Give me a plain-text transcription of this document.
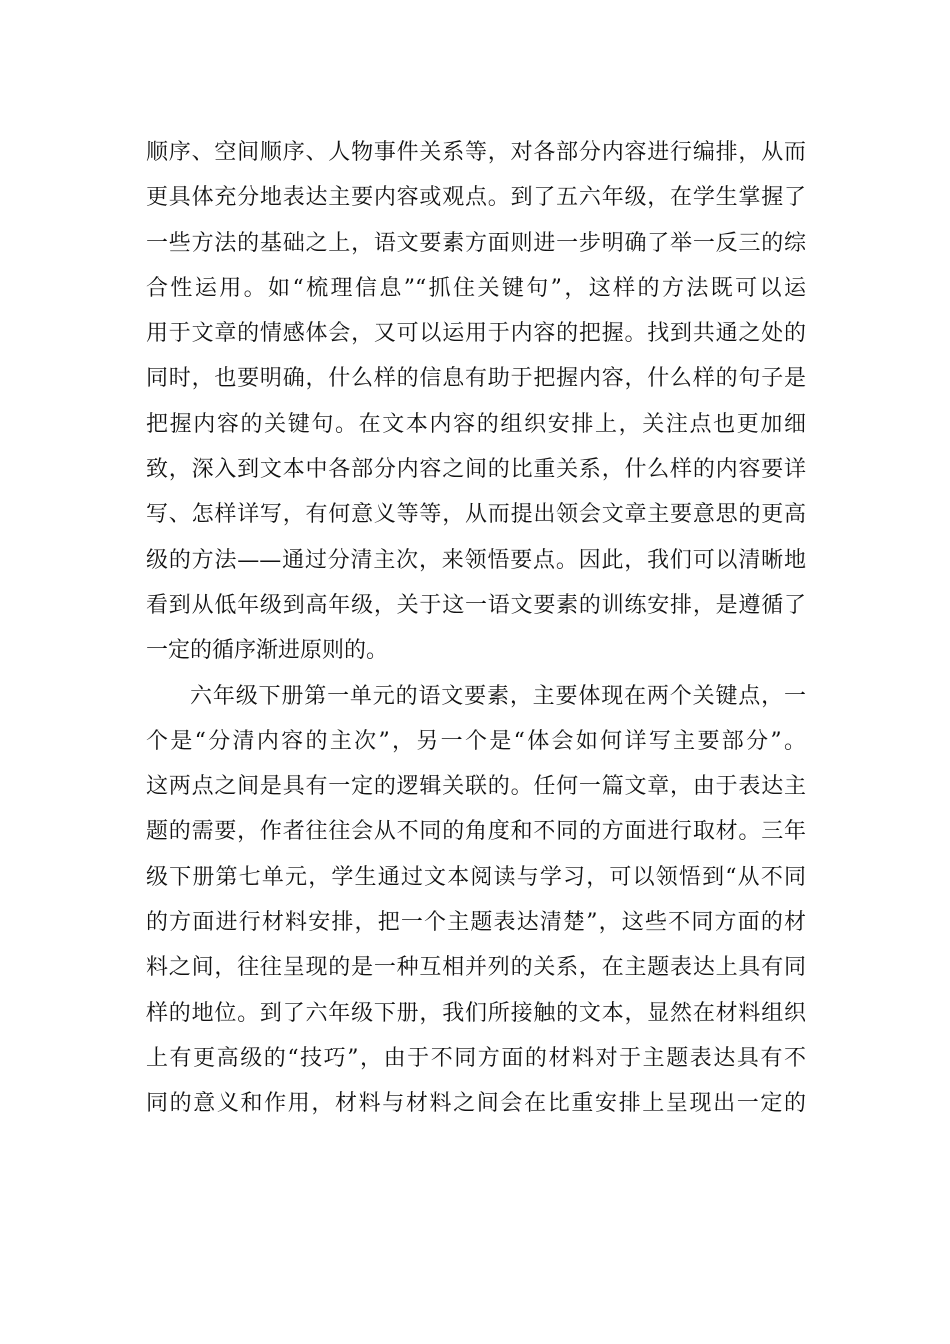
顺序、空间顺序、人物事件关系等，对各部分内容进行编排，从而
更具体充分地表达主要内容或观点。到了五六年级，在学生掌握了
一些方法的基础之上，语文要素方面则进一步明确了举一反三的综
合性运用。如“梳理信息”“抓住关键句”，这样的方法既可以运
用于文章的情感体会，又可以运用于内容的把握。找到共通之处的
同时，也要明确，什么样的信息有助于把握内容，什么样的句子是
把握内容的关键句。在文本内容的组织安排上，关注点也更加细
致，深入到文本中各部分内容之间的比重关系，什么样的内容要详
写、怎样详写，有何意义等等，从而提出领会文章主要意思的更高
级的方法——通过分清主次，来领悟要点。因此，我们可以清晰地
看到从低年级到高年级，关于这一语文要素的训练安排，是遵循了
一定的循序渐进原则的。
六年级下册第一单元的语文要素，主要体现在两个关键点，一
个是“分清内容的主次”，另一个是“体会如何详写主要部分”。
这两点之间是具有一定的逻辑关联的。任何一篇文章，由于表达主
题的需要，作者往往会从不同的角度和不同的方面进行取材。三年
级下册第七单元，学生通过文本阅读与学习，可以领悟到“从不同
的方面进行材料安排，把一个主题表达清楚”，这些不同方面的材
料之间，往往呈现的是一种互相并列的关系，在主题表达上具有同
样的地位。到了六年级下册，我们所接触的文本，显然在材料组织
上有更高级的“技巧”，由于不同方面的材料对于主题表达具有不
同的意义和作用，材料与材料之间会在比重安排上呈现出一定的
